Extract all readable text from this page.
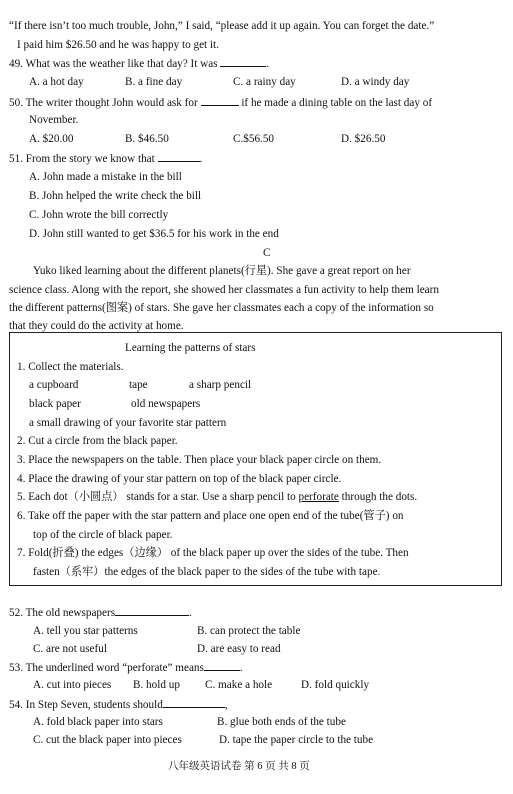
“If there isn’t too much trouble, John,” I said, “please add it up again. You can forget the date.”
I paid him $26.50 and he was happy to get it.
49. What was the weather like that day? It was	.
A. a hot day	B. a fine day	C. a rainy day	D. a windy day
50. The writer thought John would ask for	if he made a dining table on the last day of
November.
A. $20.00	B. $46.50	C.$56.50	D. $26.50
51. From the story we know that	.
A. John made a mistake in the bill
B. John helped the write check the bill
C. John wrote the bill correctly
D. John still wanted to get $36.5 for his work in the end
C
Yuko liked learning about the different planets(行星). She gave a great report on her
science class. Along with the report, she showed her classmates a fun activity to help them learn
the different patterns(图案) of stars. She gave her classmates each a copy of the information so
that they could do the activity at home.
Learning the patterns of stars
1. Collect the materials.
a cupboard	tape	a sharp pencil
black paper	old newspapers
a small drawing of your favorite star pattern
2. Cut a circle from the black paper.
3. Place the newspapers on the table. Then place your black paper circle on them.
4. Place the drawing of your star pattern on top of the black paper circle.
5. Each dot（小圆点） stands for a star. Use a sharp pencil to perforate through the dots.
6. Take off the paper with the star pattern and place one open end of the tube(管子) on
top of the circle of black paper.
7. Fold(折叠) the edges（边缘） of the black paper up over the sides of the tube. Then
fasten（系牢）the edges of the black paper to the sides of the tube with tape.
52. The old newspapers	.
A. tell you star patterns	B. can protect the table
C. are not useful	D. are easy to read
53. The underlined word “perforate” means	.
A. cut into pieces B. hold up C. make a hole	D. fold quickly
54. In Step Seven, students should	,
A. fold black paper into stars	B. glue both ends of the tube
C. cut the black paper into pieces	D. tape the paper circle to the tube
八年级英语试卷 第 6 页 共 8 页
